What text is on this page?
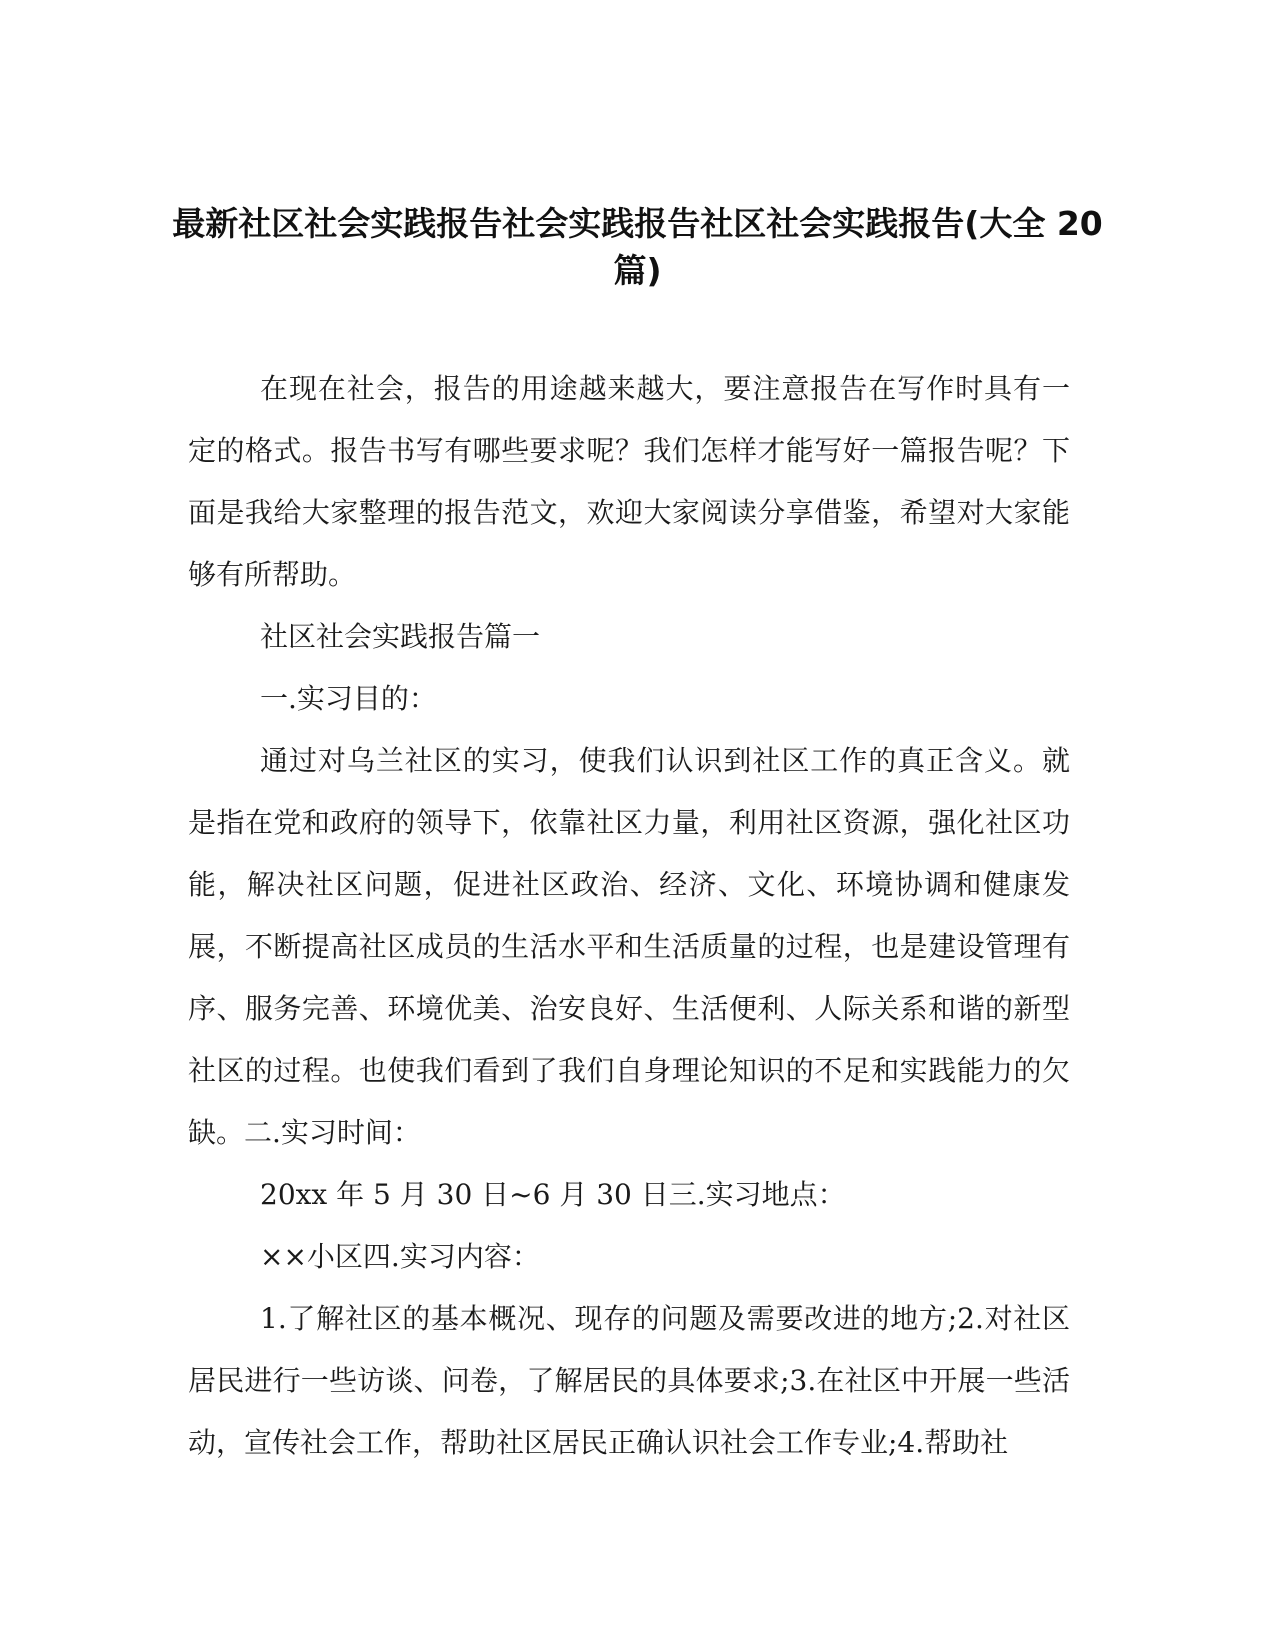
最新社区社会实践报告社会实践报告社区社会实践报告(大全 20 篇)

在现在社会，报告的用途越来越大，要注意报告在写作时具有一定的格式。报告书写有哪些要求呢？我们怎样才能写好一篇报告呢？下面是我给大家整理的报告范文，欢迎大家阅读分享借鉴，希望对大家能够有所帮助。

社区社会实践报告篇一

一.实习目的：

通过对乌兰社区的实习，使我们认识到社区工作的真正含义。就是指在党和政府的领导下，依靠社区力量，利用社区资源，强化社区功能，解决社区问题，促进社区政治、经济、文化、环境协调和健康发展，不断提高社区成员的生活水平和生活质量的过程，也是建设管理有序、服务完善、环境优美、治安良好、生活便利、人际关系和谐的新型社区的过程。也使我们看到了我们自身理论知识的不足和实践能力的欠缺。二.实习时间：

20xx 年 5 月 30 日~6 月 30 日三.实习地点：

××小区四.实习内容：

1.了解社区的基本概况、现存的问题及需要改进的地方;2.对社区居民进行一些访谈、问卷，了解居民的具体要求;3.在社区中开展一些活动，宣传社会工作，帮助社区居民正确认识社会工作专业;4.帮助社
